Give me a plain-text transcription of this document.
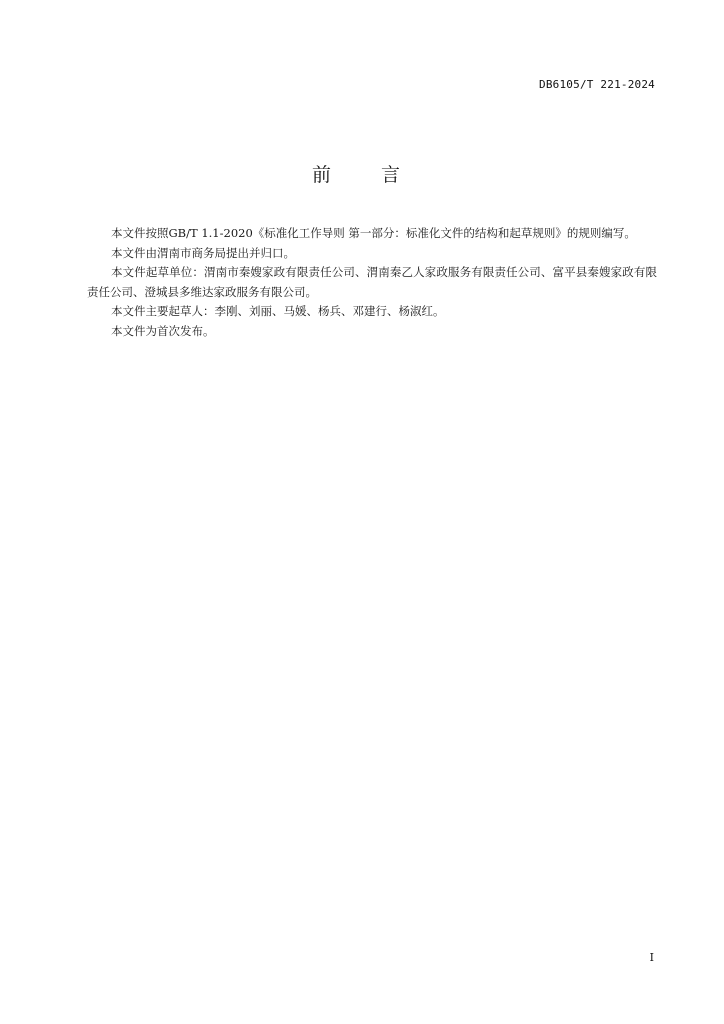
DB6105/T 221-2024
前 言

本文件按照GB/T 1.1-2020《标准化工作导则 第一部分：标准化文件的结构和起草规则》的规则编写。

本文件由渭南市商务局提出并归口。

本文件起草单位：渭南市秦嫂家政有限责任公司、渭南秦乙人家政服务有限责任公司、富平县秦嫂家政有限责任公司、澄城县多维达家政服务有限公司。

本文件主要起草人：李刚、刘丽、马媛、杨兵、邓建行、杨淑红。

本文件为首次发布。

I
